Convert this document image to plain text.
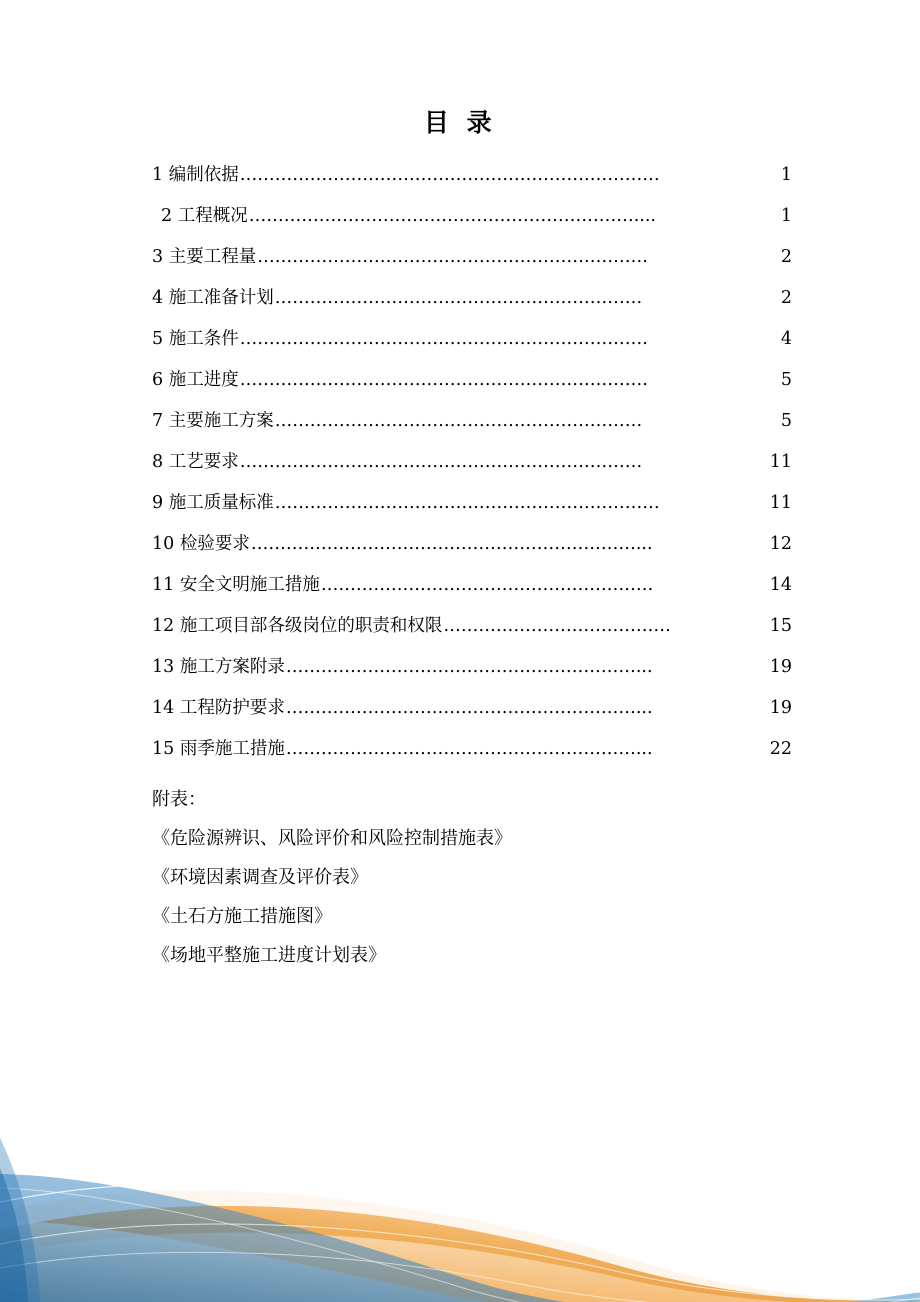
目 录
1 编制依据 ………………………………………………………………	1
2 工程概况 …………………………………………………………....	1
3 主要工程量 ………………………………………………………….	2
4 施工准备计划 ………………………………………………………	2
5 施工条件 …………………………………………………………….	4
6 施工进度 …………………………………………………………….	5
7 主要施工方案 ………………………………………………………	5
8 工艺要求 ……………………………………………………………	11
9 施工质量标准 …………………………………………………………	11
10 检验要求 …………………………………………………………...	12
11 安全文明施工措施 …………………………………………………	14
12 施工项目部各级岗位的职责和权限 …………………………………	15
13 施工方案附录 ……………………………………………………...	19
14 工程防护要求 ……………………………………………………...	19
15 雨季施工措施 ……………………………………………………...	22
附表：
《危险源辨识、风险评价和风险控制措施表》
《环境因素调查及评价表》
《土石方施工措施图》
《场地平整施工进度计划表》
